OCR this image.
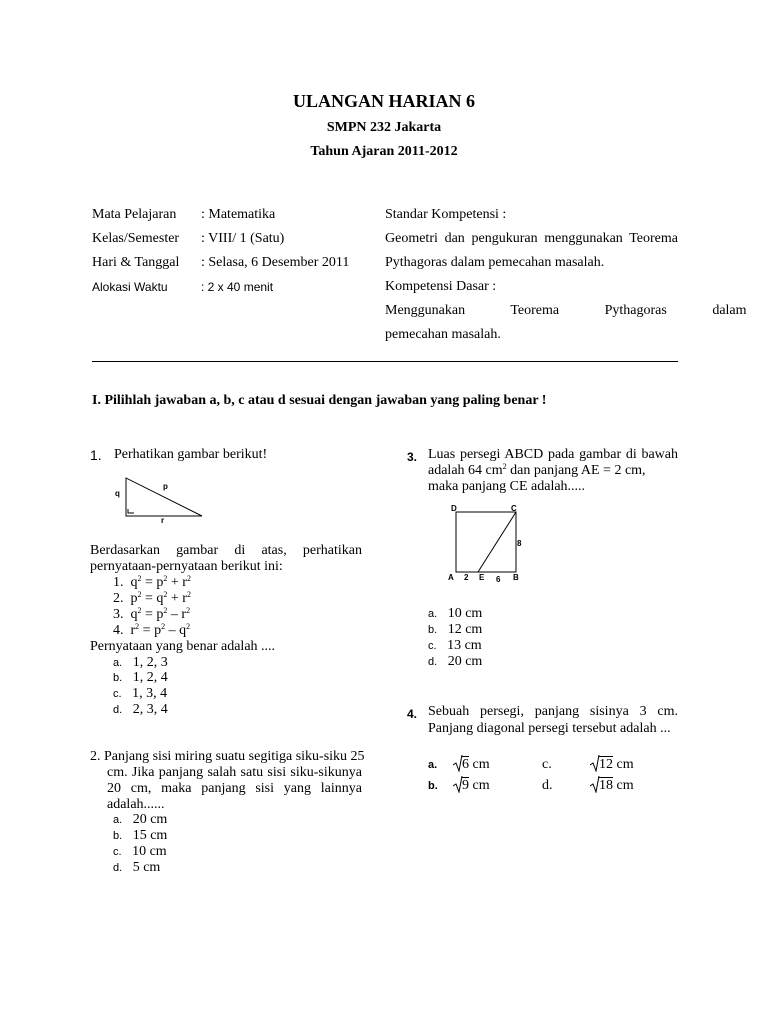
ULANGAN HARIAN 6
SMPN 232 Jakarta
Tahun Ajaran 2011-2012
Mata Pelajaran : Matematika
Kelas/Semester : VIII/ 1 (Satu)
Hari & Tanggal : Selasa, 6 Desember 2011
Alokasi Waktu	: 2 x 40 menit
Standar Kompetensi :
Geometri dan pengukuran menggunakan Teorema
Pythagoras dalam pemecahan masalah.
Kompetensi Dasar :
Menggunakan Teorema Pythagoras dalam
pemecahan masalah.
I. Pilihlah jawaban a, b, c atau d sesuai dengan jawaban yang paling benar !
1. Perhatikan gambar berikut!
q
p
r
Berdasarkan gambar di atas, perhatikan
pernyataan-pernyataan berikut ini:
1. $q^2 = p^2 + r^2$
2. $p^2 = q^2 + r^2$
3. $q^2 = p^2 - r^2$
4. $r^2 = p^2 - q^2$
Pernyataan yang benar adalah ....
a. 1, 2, 3
b. 1, 2, 4
c. 1, 3, 4
d. 2, 3, 4
2. Panjang sisi miring suatu segitiga siku-siku 25
cm. Jika panjang salah satu sisi siku-sikunya
20 cm, maka panjang sisi yang lainnya
adalah......
a. 20 cm
b. 15 cm
c. 10 cm
d. 5 cm
3. Luas persegi ABCD pada gambar di bawah
adalah 64 $cm^2$ dan panjang AE = 2 cm,
maka panjang CE adalah.....
D	C
8
A 2 E 6 B
a. 10 cm
b. 12 cm
c. 13 cm
d. 20 cm
4. Sebuah persegi, panjang sisinya 3 cm.
Panjang diagonal persegi tersebut adalah ...
a.	6 cm
b.	9 cm
c.	12 cm
d.	18 cm
